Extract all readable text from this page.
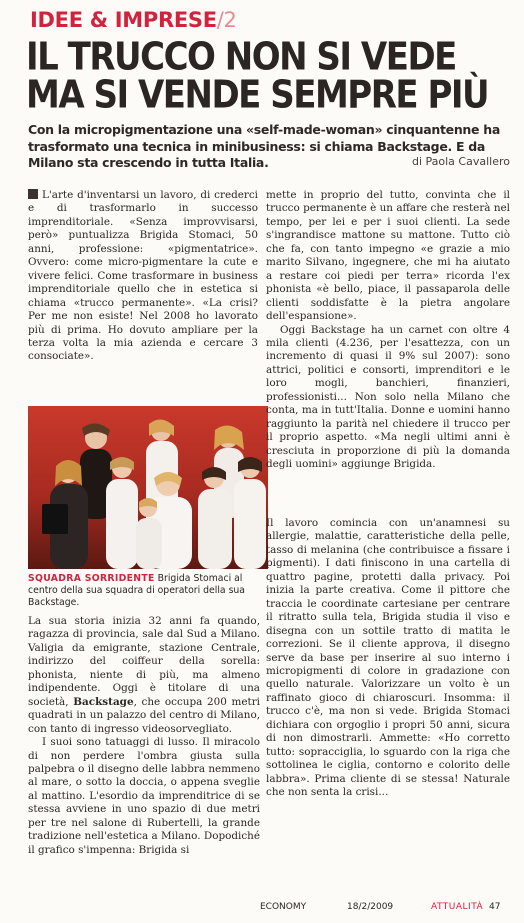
IDEE & IMPRESE/2
IL TRUCCO NON SI VEDE
MA SI VENDE SEMPRE PIÙ
Con la micropigmentazione una «self-made-woman» cinquantenne ha trasformato una tecnica in minibusiness: si chiama Backstage. E da Milano sta crescendo in tutta Italia.	di Paola Cavallero

L'arte d'inventarsi un lavoro, di crederci e di trasformarlo in successo imprenditoriale. «Senza improvvisarsi, però» puntualizza Brigida Stomaci, 50 anni, professione: «pigmentatrice». Ovvero: come micro-pigmentare la cute e vivere felici. Come trasformare in business imprenditoriale quello che in estetica si chiama «trucco permanente». «La crisi? Per me non esiste! Nel 2008 ho lavorato più di prima. Ho dovuto ampliare per la terza volta la mia azienda e cercare 3 consociate».

SQUADRA SORRIDENTE Brigida Stomaci al centro della sua squadra di operatori della sua Backstage.

La sua storia inizia 32 anni fa quando, ragazza di provincia, sale dal Sud a Milano. Valigia da emigrante, stazione Centrale, indirizzo del coiffeur della sorella: phonista, niente di più, ma almeno indipendente. Oggi è titolare di una società, Backstage, che occupa 200 metri quadrati in un palazzo del centro di Milano, con tanto di ingresso videosorvegliato.

I suoi sono tatuaggi di lusso. Il miracolo di non perdere l'ombra giusta sulla palpebra o il disegno delle labbra nemmeno al mare, o sotto la doccia, o appena sveglie al mattino. L'esordio da imprenditrice di se stessa avviene in uno spazio di due metri per tre nel salone di Rubertelli, la grande tradizione nell'estetica a Milano. Dopodiché il grafico s'impenna: Brigida si

mette in proprio del tutto, convinta che il trucco permanente è un affare che resterà nel tempo, per lei e per i suoi clienti. La sede s'ingrandisce mattone su mattone. Tutto ciò che fa, con tanto impegno «e grazie a mio marito Silvano, ingegnere, che mi ha aiutato a restare coi piedi per terra» ricorda l'ex phonista «è bello, piace, il passaparola delle clienti soddisfatte è la pietra angolare dell'espansione».

Oggi Backstage ha un carnet con oltre 4 mila clienti (4.236, per l'esattezza, con un incremento di quasi il 9% sul 2007): sono attrici, politici e consorti, imprenditori e le loro mogli, banchieri, finanzieri, professionisti... Non solo nella Milano che conta, ma in tutt'Italia. Donne e uomini hanno raggiunto la parità nel chiedere il trucco per il proprio aspetto. «Ma negli ultimi anni è cresciuta in proporzione di più la domanda degli uomini» aggiunge Brigida.

Il lavoro comincia con un'anamnesi su allergie, malattie, caratteristiche della pelle, tasso di melanina (che contribuisce a fissare i pigmenti). I dati finiscono in una cartella di quattro pagine, protetti dalla privacy. Poi inizia la parte creativa. Come il pittore che traccia le coordinate cartesiane per centrare il ritratto sulla tela, Brigida studia il viso e disegna con un sottile tratto di matita le correzioni. Se il cliente approva, il disegno serve da base per inserire al suo interno i micropigmenti di colore in gradazione con quello naturale. Valorizzare un volto è un raffinato gioco di chiaroscuri. Insomma: il trucco c'è, ma non si vede. Brigida Stomaci dichiara con orgoglio i propri 50 anni, sicura di non dimostrarli. Ammette: «Ho corretto tutto: sopracciglia, lo sguardo con la riga che sottolinea le ciglia, contorno e colorito delle labbra». Prima cliente di se stessa! Naturale che non senta la crisi...

ECONOMY	18/2/2009	ATTUALITÀ 47
